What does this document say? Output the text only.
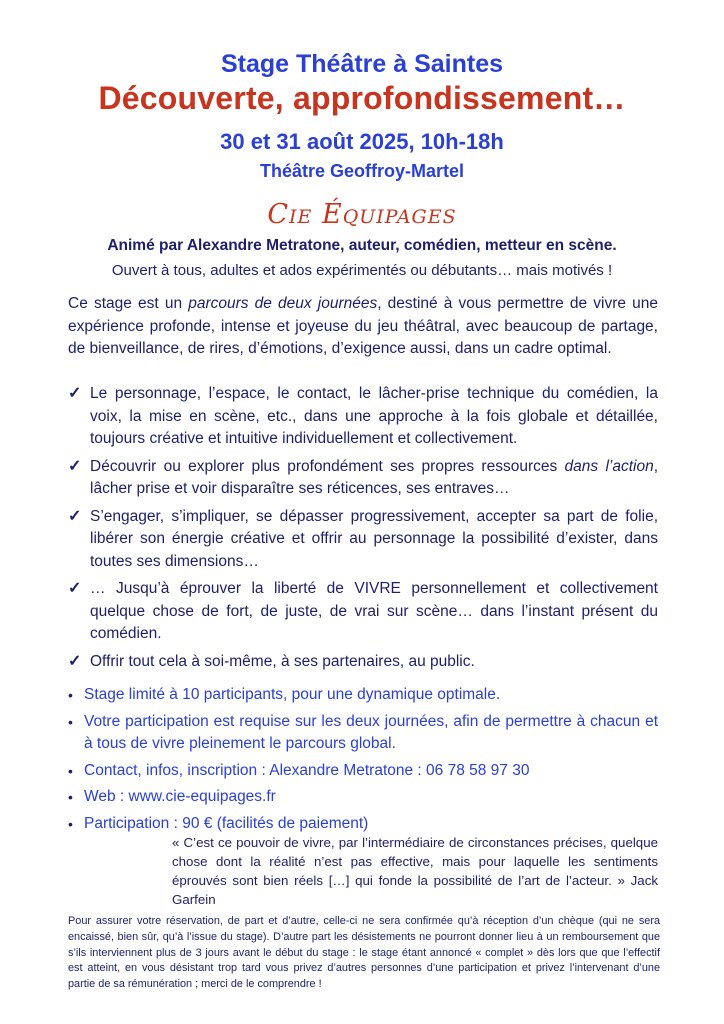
Stage Théâtre à Saintes
Découverte, approfondissement…
30 et 31 août 2025, 10h-18h
Théâtre Geoffroy-Martel
Cie Équipages
Animé par Alexandre Metratone, auteur, comédien, metteur en scène.
Ouvert à tous, adultes et ados expérimentés ou débutants… mais motivés !

Ce stage est un parcours de deux journées, destiné à vous permettre de vivre une expérience profonde, intense et joyeuse du jeu théâtral, avec beaucoup de partage, de bienveillance, de rires, d’émotions, d’exigence aussi, dans un cadre optimal.

✓ Le personnage, l’espace, le contact, le lâcher-prise technique du comédien, la voix, la mise en scène, etc., dans une approche à la fois globale et détaillée, toujours créative et intuitive individuellement et collectivement.
✓ Découvrir ou explorer plus profondément ses propres ressources dans l’action, lâcher prise et voir disparaître ses réticences, ses entraves…
✓ S’engager, s’impliquer, se dépasser progressivement, accepter sa part de folie, libérer son énergie créative et offrir au personnage la possibilité d’exister, dans toutes ses dimensions…
✓ … Jusqu’à éprouver la liberté de VIVRE personnellement et collectivement quelque chose de fort, de juste, de vrai sur scène… dans l’instant présent du comédien.
✓ Offrir tout cela à soi-même, à ses partenaires, au public.
• Stage limité à 10 participants, pour une dynamique optimale.
• Votre participation est requise sur les deux journées, afin de permettre à chacun et à tous de vivre pleinement le parcours global.
• Contact, infos, inscription : Alexandre Metratone : 06 78 58 97 30
• Web : www.cie-equipages.fr
• Participation : 90 € (facilités de paiement)

« C’est ce pouvoir de vivre, par l’intermédiaire de circonstances précises, quelque chose dont la réalité n’est pas effective, mais pour laquelle les sentiments éprouvés sont bien réels […] qui fonde la possibilité de l’art de l’acteur. » Jack Garfein

Pour assurer votre réservation, de part et d’autre, celle-ci ne sera confirmée qu’à réception d’un chèque (qui ne sera encaissé, bien sûr, qu’à l’issue du stage). D’autre part les désistements ne pourront donner lieu à un remboursement que s’ils interviennent plus de 3 jours avant le début du stage : le stage étant annoncé « complet » dès lors que que l’effectif est atteint, en vous désistant trop tard vous privez d’autres personnes d’une participation et privez l’intervenant d’une partie de sa rémunération ; merci de le comprendre !
